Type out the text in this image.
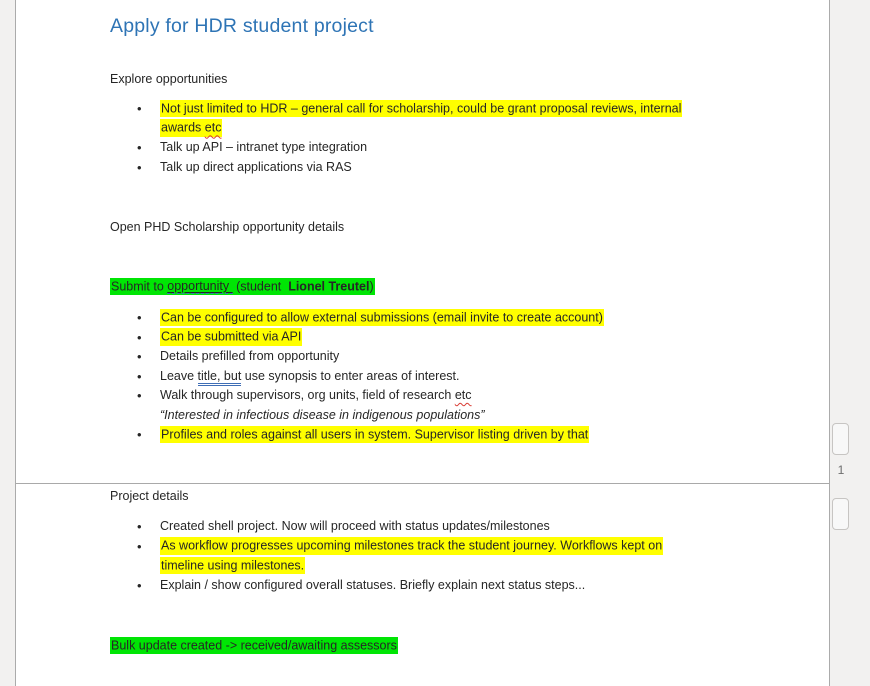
Apply for HDR student project

Explore opportunities

•
Not just limited to HDR – general call for scholarship, could be grant proposal reviews, internal
awards etc
•
Talk up API – intranet type integration
•
Talk up direct applications via RAS

Open PHD Scholarship opportunity details

Submit to opportunity  (student  Lionel Treutel)

•
Can be configured to allow external submissions (email invite to create account)
•
Can be submitted via API
•
Details prefilled from opportunity
•
Leave title, but use synopsis to enter areas of interest.
•
Walk through supervisors, org units, field of research etc
“Interested in infectious disease in indigenous populations”
•
Profiles and roles against all users in system. Supervisor listing driven by that

Project details

•
Created shell project. Now will proceed with status updates/milestones
•
As workflow progresses upcoming milestones track the student journey. Workflows kept on
timeline using milestones.
•
Explain / show configured overall statuses. Briefly explain next status steps...

Bulk update created -> received/awaiting assessors

1
